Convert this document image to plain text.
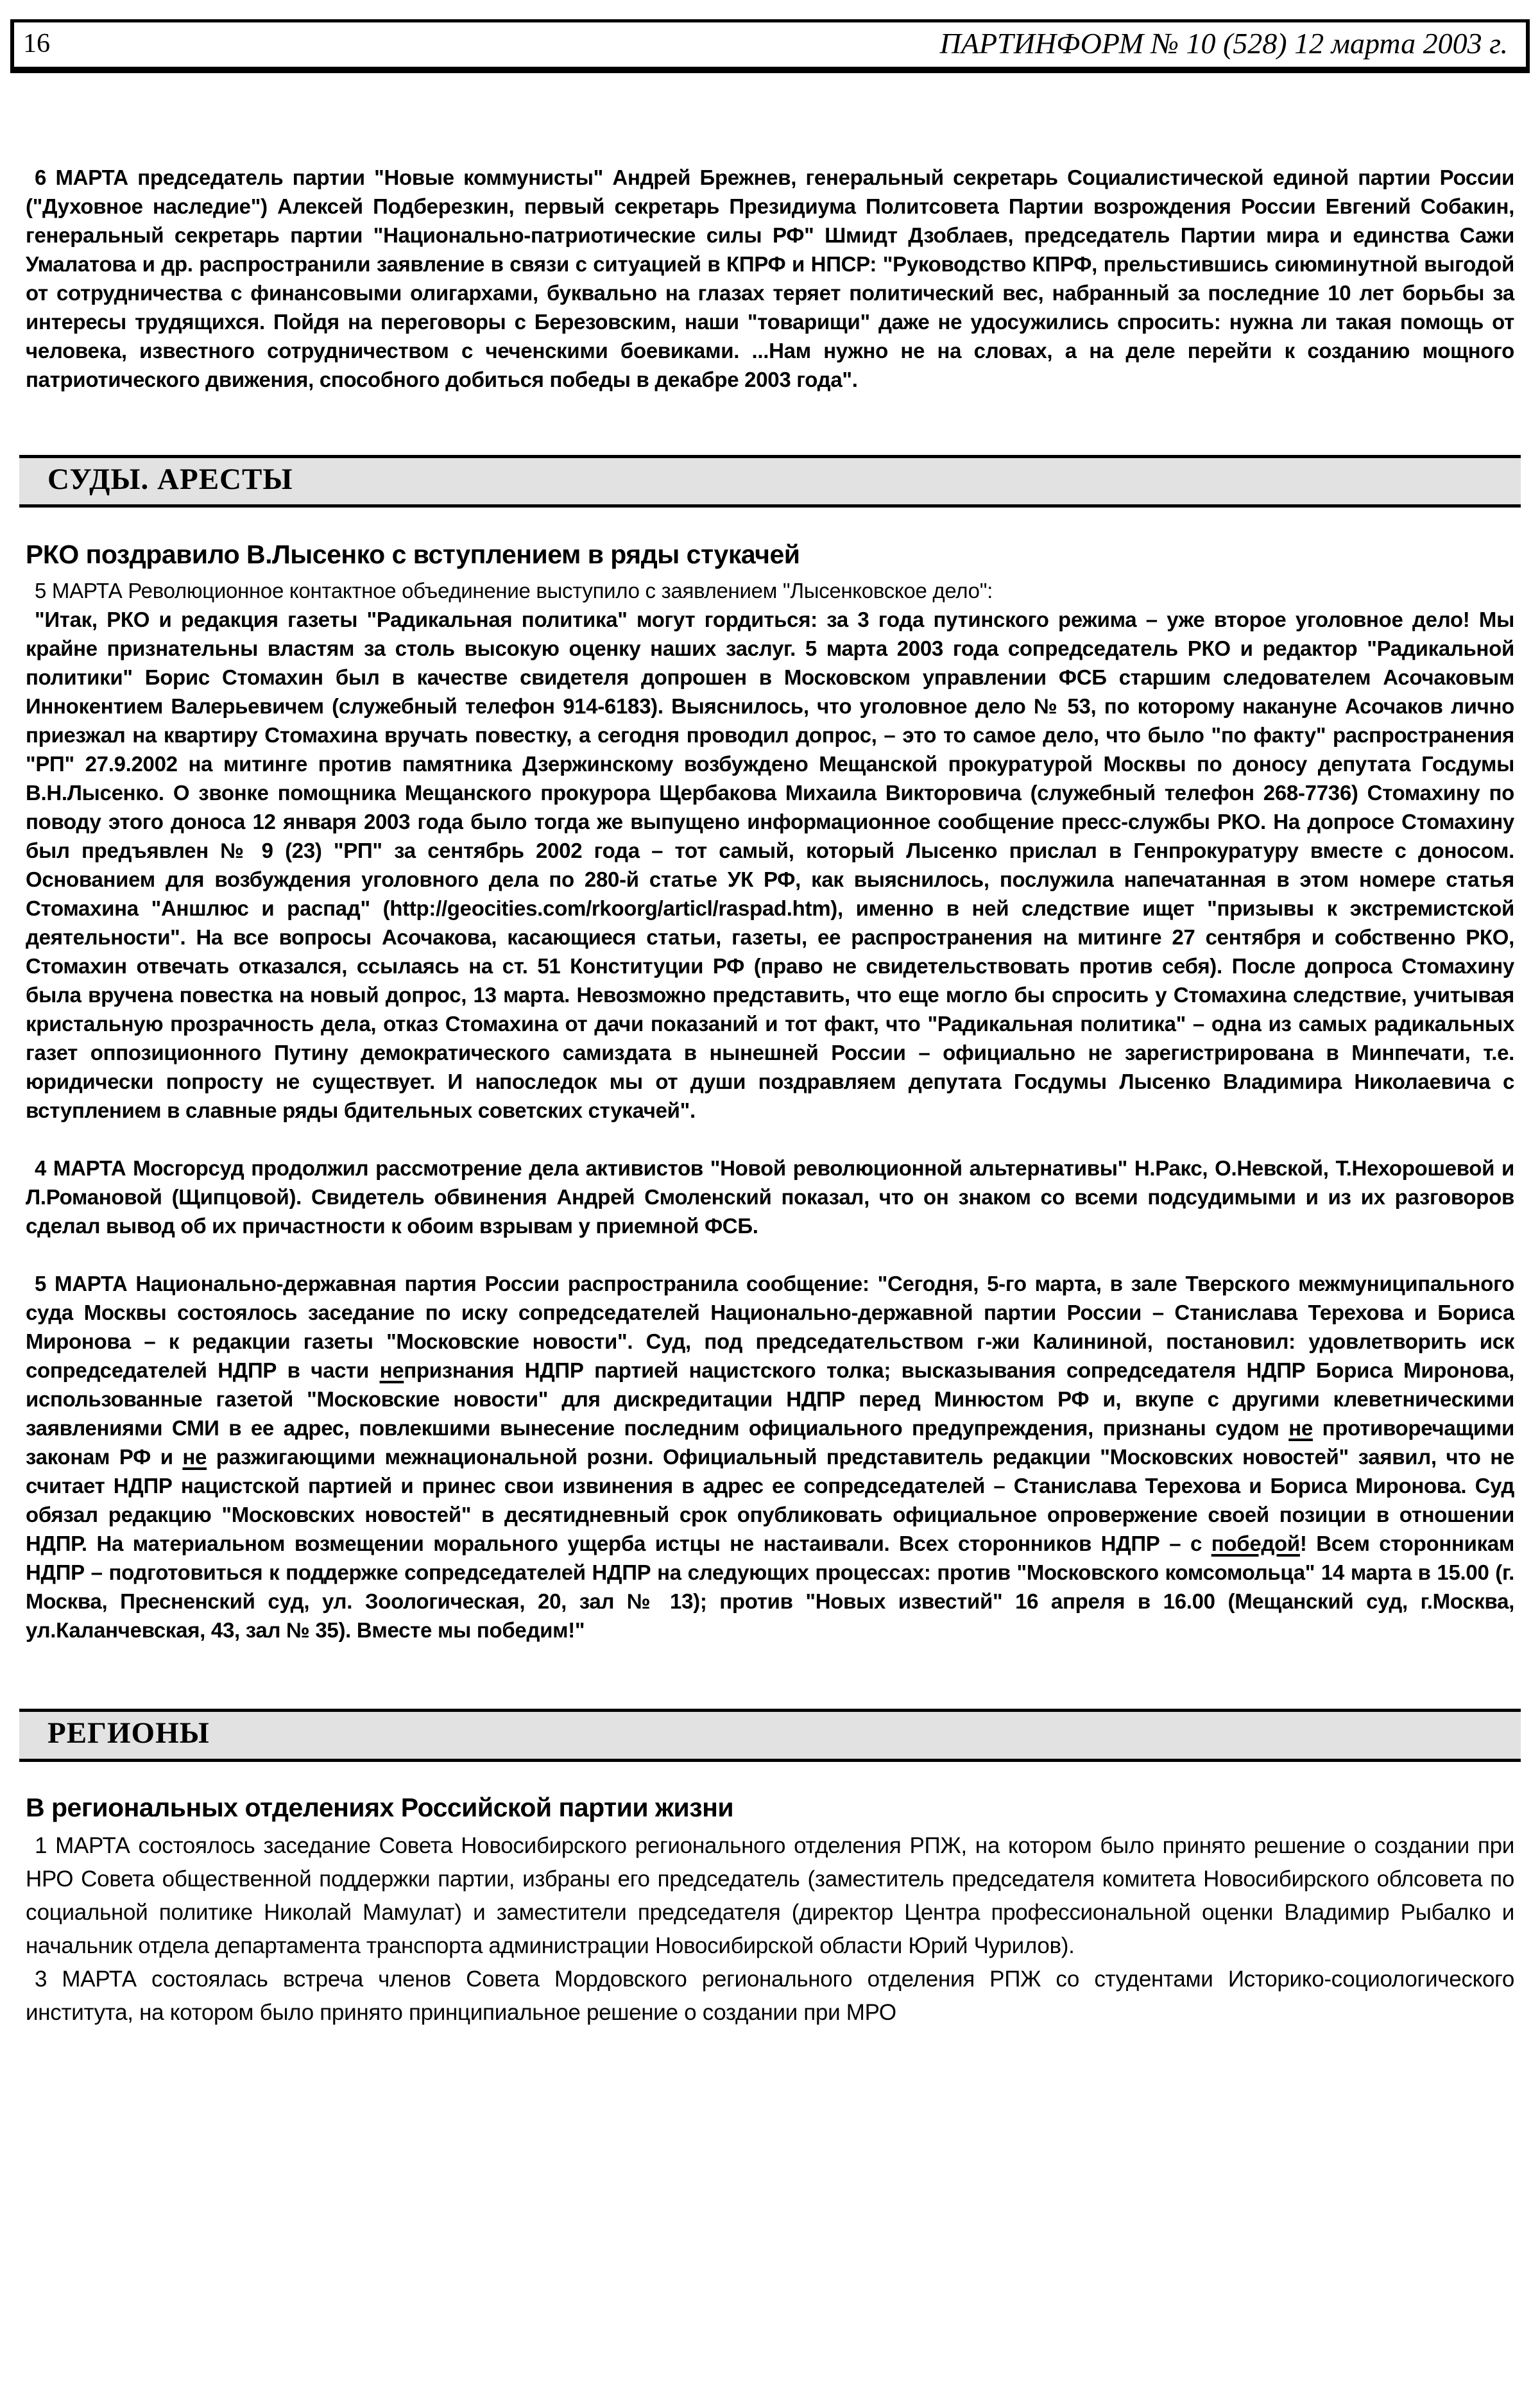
16	ПАРТИНФОРМ № 10 (528) 12 марта 2003 г.

6 МАРТА председатель партии "Новые коммунисты" Андрей Брежнев, генеральный секретарь Социалистической единой партии России ("Духовное наследие") Алексей Подберезкин, первый секретарь Президиума Политсовета Партии возрождения России Евгений Собакин, генеральный секретарь партии "Национально-патриотические силы РФ" Шмидт Дзоблаев, председатель Партии мира и единства Сажи Умалатова и др. распространили заявление в связи с ситуацией в КПРФ и НПСР: "Руководство КПРФ, прельстившись сиюминутной выгодой от сотрудничества с финансовыми олигархами, буквально на глазах теряет политический вес, набранный за последние 10 лет борьбы за интересы трудящихся. Пойдя на переговоры с Березовским, наши "товарищи" даже не удосужились спросить: нужна ли такая помощь от человека, известного сотрудничеством с чеченскими боевиками. ...Нам нужно не на словах, а на деле перейти к созданию мощного патриотического движения, способного добиться победы в декабре 2003 года".

СУДЫ. АРЕСТЫ
РКО поздравило В.Лысенко с вступлением в ряды стукачей

5 МАРТА Революционное контактное объединение выступило с заявлением "Лысенковское дело":

"Итак, РКО и редакция газеты "Радикальная политика" могут гордиться: за 3 года путинского режима – уже второе уголовное дело! Мы крайне признательны властям за столь высокую оценку наших заслуг. 5 марта 2003 года сопредседатель РКО и редактор "Радикальной политики" Борис Стомахин был в качестве свидетеля допрошен в Московском управлении ФСБ старшим следователем Асочаковым Иннокентием Валерьевичем (служебный телефон 914-6183). Выяснилось, что уголовное дело № 53, по которому накануне Асочаков лично приезжал на квартиру Стомахина вручать повестку, а сегодня проводил допрос, – это то самое дело, что было "по факту" распространения "РП" 27.9.2002 на митинге против памятника Дзержинскому возбуждено Мещанской прокуратурой Москвы по доносу депутата Госдумы В.Н.Лысенко. О звонке помощника Мещанского прокурора Щербакова Михаила Викторовича (служебный телефон 268-7736) Стомахину по поводу этого доноса 12 января 2003 года было тогда же выпущено информационное сообщение пресс-службы РКО. На допросе Стомахину был предъявлен № 9 (23) "РП" за сентябрь 2002 года – тот самый, который Лысенко прислал в Генпрокуратуру вместе с доносом. Основанием для возбуждения уголовного дела по 280-й статье УК РФ, как выяснилось, послужила напечатанная в этом номере статья Стомахина "Аншлюс и распад" (http://geocities.com/rkoorg/articl/raspad.htm), именно в ней следствие ищет "призывы к экстремистской деятельности". На все вопросы Асочакова, касающиеся статьи, газеты, ее распространения на митинге 27 сентября и собственно РКО, Стомахин отвечать отказался, ссылаясь на ст. 51 Конституции РФ (право не свидетельствовать против себя). После допроса Стомахину была вручена повестка на новый допрос, 13 марта. Невозможно представить, что еще могло бы спросить у Стомахина следствие, учитывая кристальную прозрачность дела, отказ Стомахина от дачи показаний и тот факт, что "Радикальная политика" – одна из самых радикальных газет оппозиционного Путину демократического самиздата в нынешней России – официально не зарегистрирована в Минпечати, т.е. юридически попросту не существует. И напоследок мы от души поздравляем депутата Госдумы Лысенко Владимира Николаевича с вступлением в славные ряды бдительных советских стукачей".

4 МАРТА Мосгорсуд продолжил рассмотрение дела активистов "Новой революционной альтернативы" Н.Ракс, О.Невской, Т.Нехорошевой и Л.Романовой (Щипцовой). Свидетель обвинения Андрей Смоленский показал, что он знаком со всеми подсудимыми и из их разговоров сделал вывод об их причастности к обоим взрывам у приемной ФСБ.

5 МАРТА Национально-державная партия России распространила сообщение: "Сегодня, 5-го марта, в зале Тверского межмуниципального суда Москвы состоялось заседание по иску сопредседателей Национально-державной партии России – Станислава Терехова и Бориса Миронова – к редакции газеты "Московские новости". Суд, под председательством г-жи Калининой, постановил: удовлетворить иск сопредседателей НДПР в части непризнания НДПР партией нацистского толка; высказывания сопредседателя НДПР Бориса Миронова, использованные газетой "Московские новости" для дискредитации НДПР перед Минюстом РФ и, вкупе с другими клеветническими заявлениями СМИ в ее адрес, повлекшими вынесение последним официального предупреждения, признаны судом не противоречащими законам РФ и не разжигающими межнациональной розни. Официальный представитель редакции "Московских новостей" заявил, что не считает НДПР нацистской партией и принес свои извинения в адрес ее сопредседателей – Станислава Терехова и Бориса Миронова. Суд обязал редакцию "Московских новостей" в десятидневный срок опубликовать официальное опровержение своей позиции в отношении НДПР. На материальном возмещении морального ущерба истцы не настаивали. Всех сторонников НДПР – с победой! Всем сторонникам НДПР – подготовиться к поддержке сопредседателей НДПР на следующих процессах: против "Московского комсомольца" 14 марта в 15.00 (г. Москва, Пресненский суд, ул. Зоологическая, 20, зал № 13); против "Новых известий" 16 апреля в 16.00 (Мещанский суд, г.Москва, ул.Каланчевская, 43, зал № 35). Вместе мы победим!"

РЕГИОНЫ
В региональных отделениях Российской партии жизни

1 МАРТА состоялось заседание Совета Новосибирского регионального отделения РПЖ, на котором было принято решение о создании при НРО Совета общественной поддержки партии, избраны его председатель (заместитель председателя комитета Новосибирского облсовета по социальной политике Николай Мамулат) и заместители председателя (директор Центра профессиональной оценки Владимир Рыбалко и начальник отдела департамента транспорта администрации Новосибирской области Юрий Чурилов).

3 МАРТА состоялась встреча членов Совета Мордовского регионального отделения РПЖ со студентами Историко-социологического института, на котором было принято принципиальное решение о создании при МРО
